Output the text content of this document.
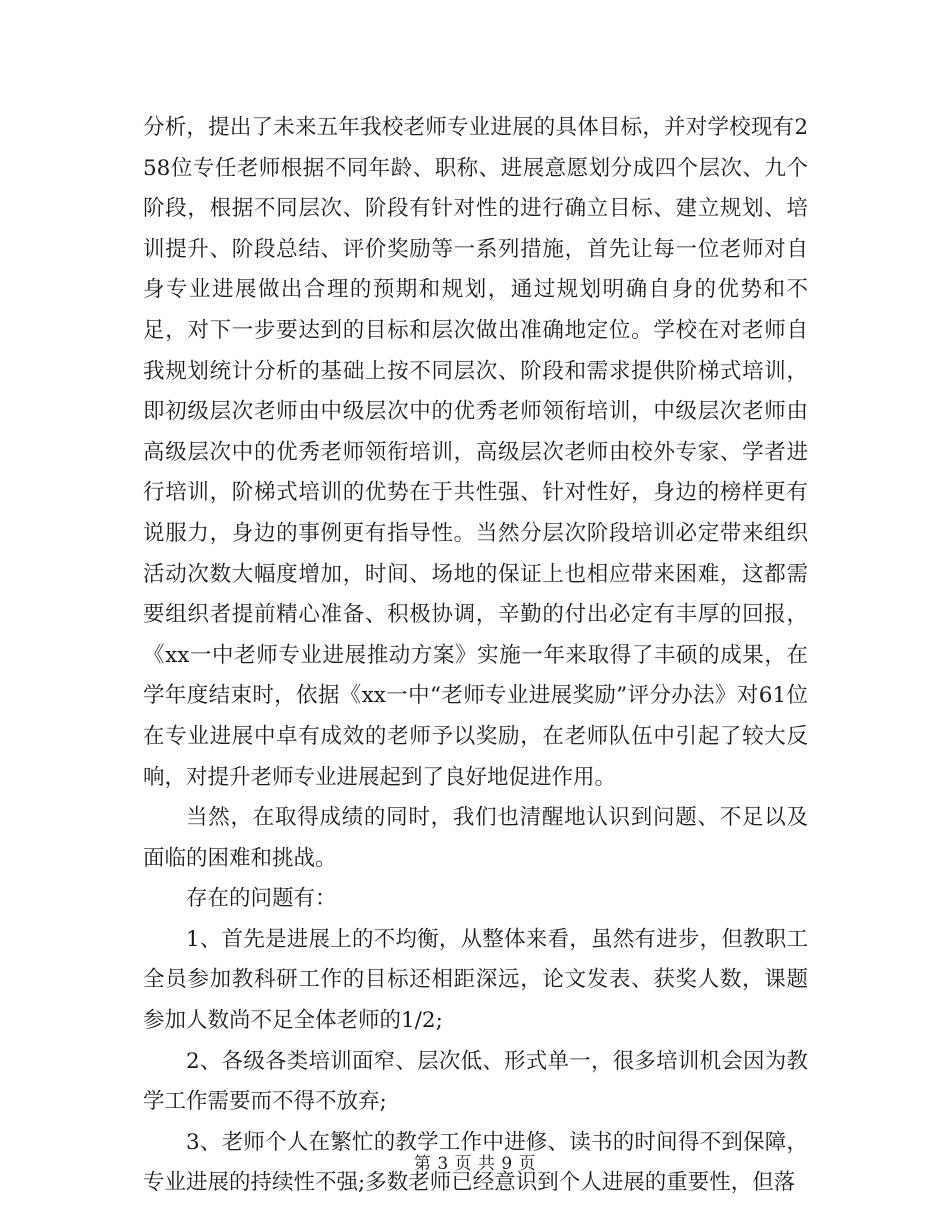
分析，提出了未来五年我校老师专业进展的具体目标，并对学校现有258位专任老师根据不同年龄、职称、进展意愿划分成四个层次、九个阶段，根据不同层次、阶段有针对性的进行确立目标、建立规划、培训提升、阶段总结、评价奖励等一系列措施，首先让每一位老师对自身专业进展做出合理的预期和规划，通过规划明确自身的优势和不足，对下一步要达到的目标和层次做出准确地定位。学校在对老师自我规划统计分析的基础上按不同层次、阶段和需求提供阶梯式培训，即初级层次老师由中级层次中的优秀老师领衔培训，中级层次老师由高级层次中的优秀老师领衔培训，高级层次老师由校外专家、学者进行培训，阶梯式培训的优势在于共性强、针对性好，身边的榜样更有说服力，身边的事例更有指导性。当然分层次阶段培训必定带来组织活动次数大幅度增加，时间、场地的保证上也相应带来困难，这都需要组织者提前精心准备、积极协调，辛勤的付出必定有丰厚的回报，《xx一中老师专业进展推动方案》实施一年来取得了丰硕的成果，在学年度结束时，依据《xx一中“老师专业进展奖励”评分办法》对61位在专业进展中卓有成效的老师予以奖励，在老师队伍中引起了较大反响，对提升老师专业进展起到了良好地促进作用。

当然，在取得成绩的同时，我们也清醒地认识到问题、不足以及面临的困难和挑战。

存在的问题有：

1、首先是进展上的不均衡，从整体来看，虽然有进步，但教职工全员参加教科研工作的目标还相距深远，论文发表、获奖人数，课题参加人数尚不足全体老师的1/2;

2、各级各类培训面窄、层次低、形式单一，很多培训机会因为教学工作需要而不得不放弃;

3、老师个人在繁忙的教学工作中进修、读书的时间得不到保障，专业进展的持续性不强;多数老师已经意识到个人进展的重要性，但落

第 3 页 共 9 页
